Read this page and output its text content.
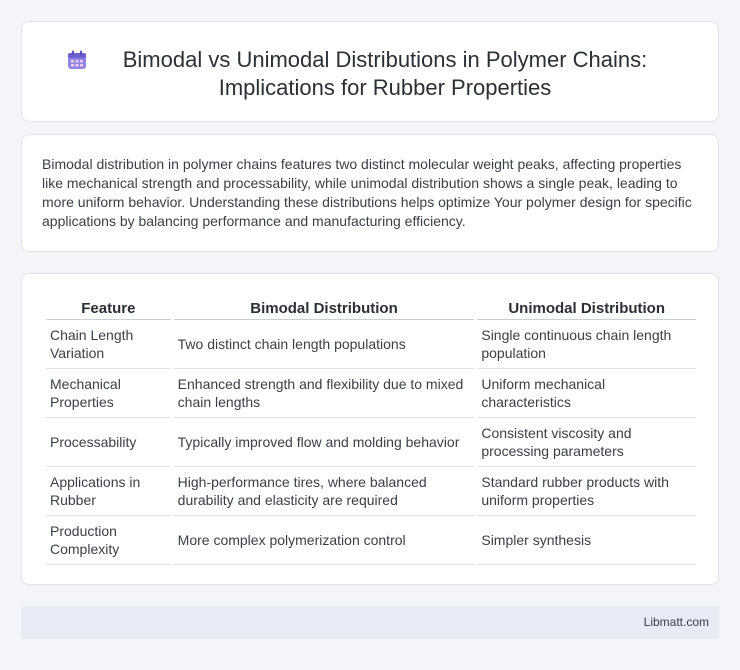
Bimodal vs Unimodal Distributions in Polymer Chains: Implications for Rubber Properties

Bimodal distribution in polymer chains features two distinct molecular weight peaks, affecting properties like mechanical strength and processability, while unimodal distribution shows a single peak, leading to more uniform behavior. Understanding these distributions helps optimize Your polymer design for specific applications by balancing performance and manufacturing efficiency.

Feature	Bimodal Distribution	Unimodal Distribution
Chain Length Variation	Two distinct chain length populations	Single continuous chain length population
Mechanical Properties	Enhanced strength and flexibility due to mixed chain lengths	Uniform mechanical characteristics
Processability	Typically improved flow and molding behavior	Consistent viscosity and processing parameters
Applications in Rubber	High-performance tires, where balanced durability and elasticity are required	Standard rubber products with uniform properties
Production Complexity	More complex polymerization control	Simpler synthesis
Libmatt.com
